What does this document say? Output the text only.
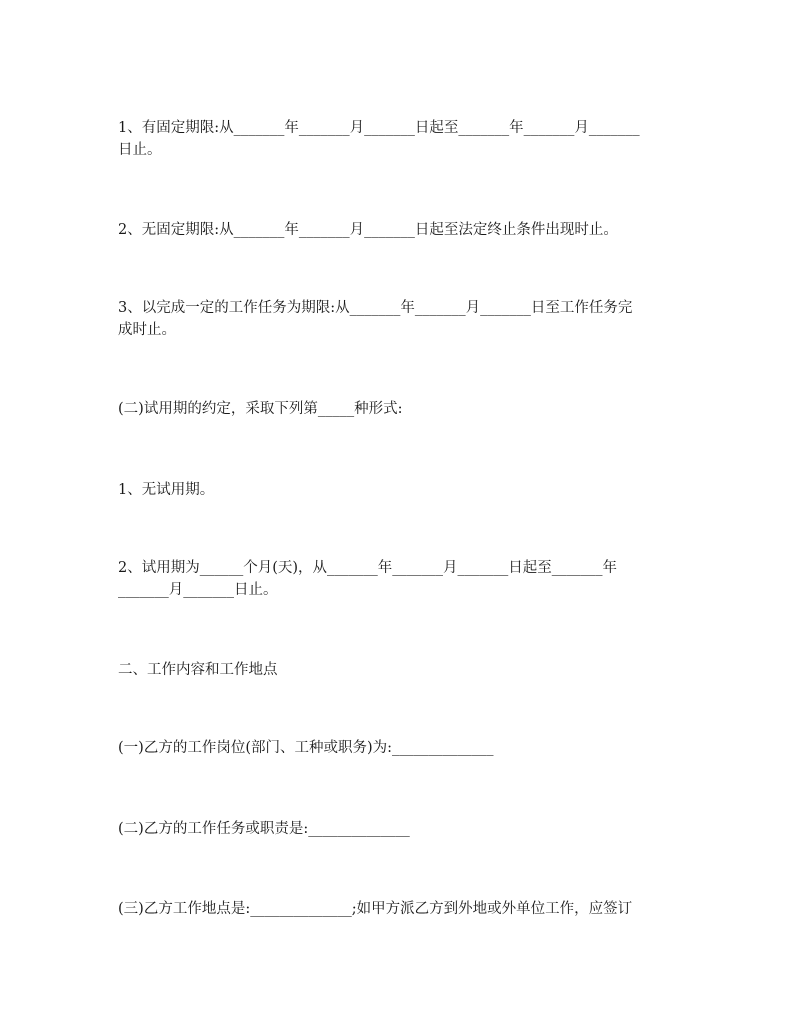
1、有固定期限:从_______年_______月_______日起至_______年_______月_______
日止。
2、无固定期限:从_______年_______月_______日起至法定终止条件出现时止。
3、以完成一定的工作任务为期限:从_______年_______月_______日至工作任务完
成时止。
(二)试用期的约定，采取下列第_____种形式:
1、无试用期。
2、试用期为______个月(天)，从_______年_______月_______日起至_______年
_______月_______日止。
二、工作内容和工作地点
(一)乙方的工作岗位(部门、工种或职务)为:______________
(二)乙方的工作任务或职责是:______________
(三)乙方工作地点是:______________;如甲方派乙方到外地或外单位工作，应签订
